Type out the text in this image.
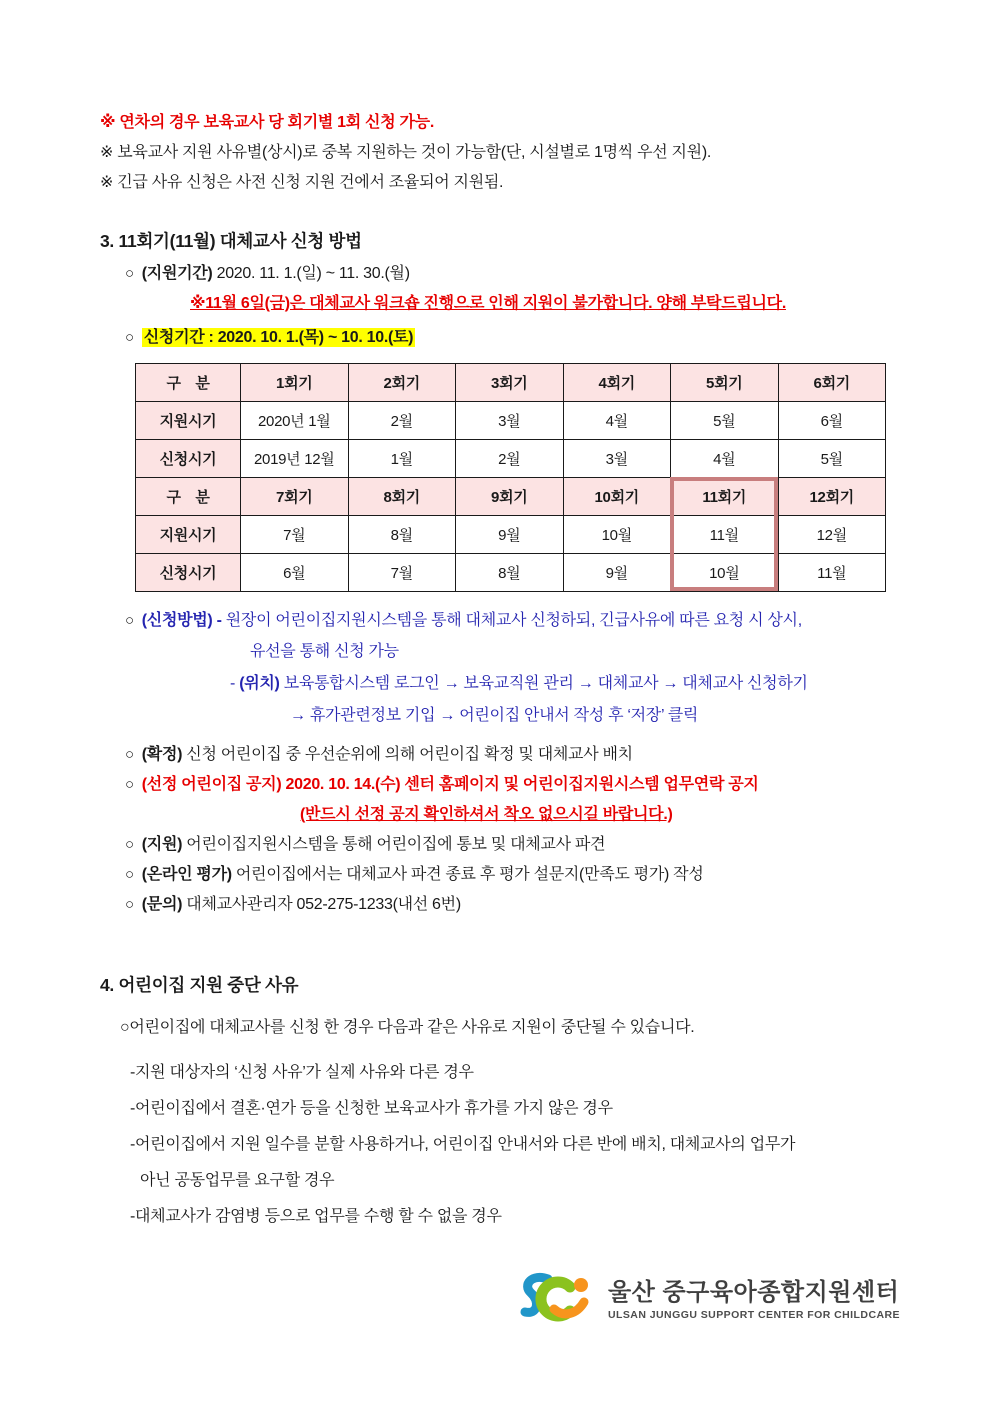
※ 연차의 경우 보육교사 당 회기별 1회 신청 가능.
※ 보육교사 지원 사유별(상시)로 중복 지원하는 것이 가능함(단, 시설별로 1명씩 우선 지원).
※ 긴급 사유 신청은 사전 신청 지원 건에서 조율되어 지원됨.
3. 11회기(11월) 대체교사 신청 방법
○ (지원기간) 2020. 11. 1.(일) ~ 11. 30.(월)
※11월 6일(금)은 대체교사 워크숍 진행으로 인해 지원이 불가합니다. 양해 부탁드립니다.
○ 신청기간 : 2020. 10. 1.(목) ~ 10. 10.(토)
구　분	1회기	2회기	3회기	4회기	5회기	6회기
지원시기	2020년 1월	2월	3월	4월	5월	6월
신청시기	2019년 12월	1월	2월	3월	4월	5월
구　분	7회기	8회기	9회기	10회기	11회기	12회기
지원시기	7월	8월	9월	10월	11월	12월
신청시기	6월	7월	8월	9월	10월	11월
○ (신청방법) - 원장이 어린이집지원시스템을 통해 대체교사 신청하되, 긴급사유에 따른 요청 시 상시,
유선을 통해 신청 가능
- (위치) 보육통합시스템 로그인 → 보육교직원 관리 → 대체교사 → 대체교사 신청하기
→ 휴가관련정보 기입 → 어린이집 안내서 작성 후 ‘저장’ 클릭
○ (확정) 신청 어린이집 중 우선순위에 의해 어린이집 확정 및 대체교사 배치
○ (선정 어린이집 공지) 2020. 10. 14.(수) 센터 홈페이지 및 어린이집지원시스템 업무연락 공지
(반드시 선정 공지 확인하셔서 착오 없으시길 바랍니다.)
○ (지원) 어린이집지원시스템을 통해 어린이집에 통보 및 대체교사 파견
○ (온라인 평가) 어린이집에서는 대체교사 파견 종료 후 평가 설문지(만족도 평가) 작성
○ (문의) 대체교사관리자 052-275-1233(내선 6번)
4. 어린이집 지원 중단 사유
○어린이집에 대체교사를 신청 한 경우 다음과 같은 사유로 지원이 중단될 수 있습니다.
-지원 대상자의 ‘신청 사유’가 실제 사유와 다른 경우
-어린이집에서 결혼·연가 등을 신청한 보육교사가 휴가를 가지 않은 경우
-어린이집에서 지원 일수를 분할 사용하거나, 어린이집 안내서와 다른 반에 배치, 대체교사의 업무가
아닌 공동업무를 요구할 경우
-대체교사가 감염병 등으로 업무를 수행 할 수 없을 경우
울산 중구육아종합지원센터
ULSAN JUNGGU SUPPORT CENTER FOR CHILDCARE
